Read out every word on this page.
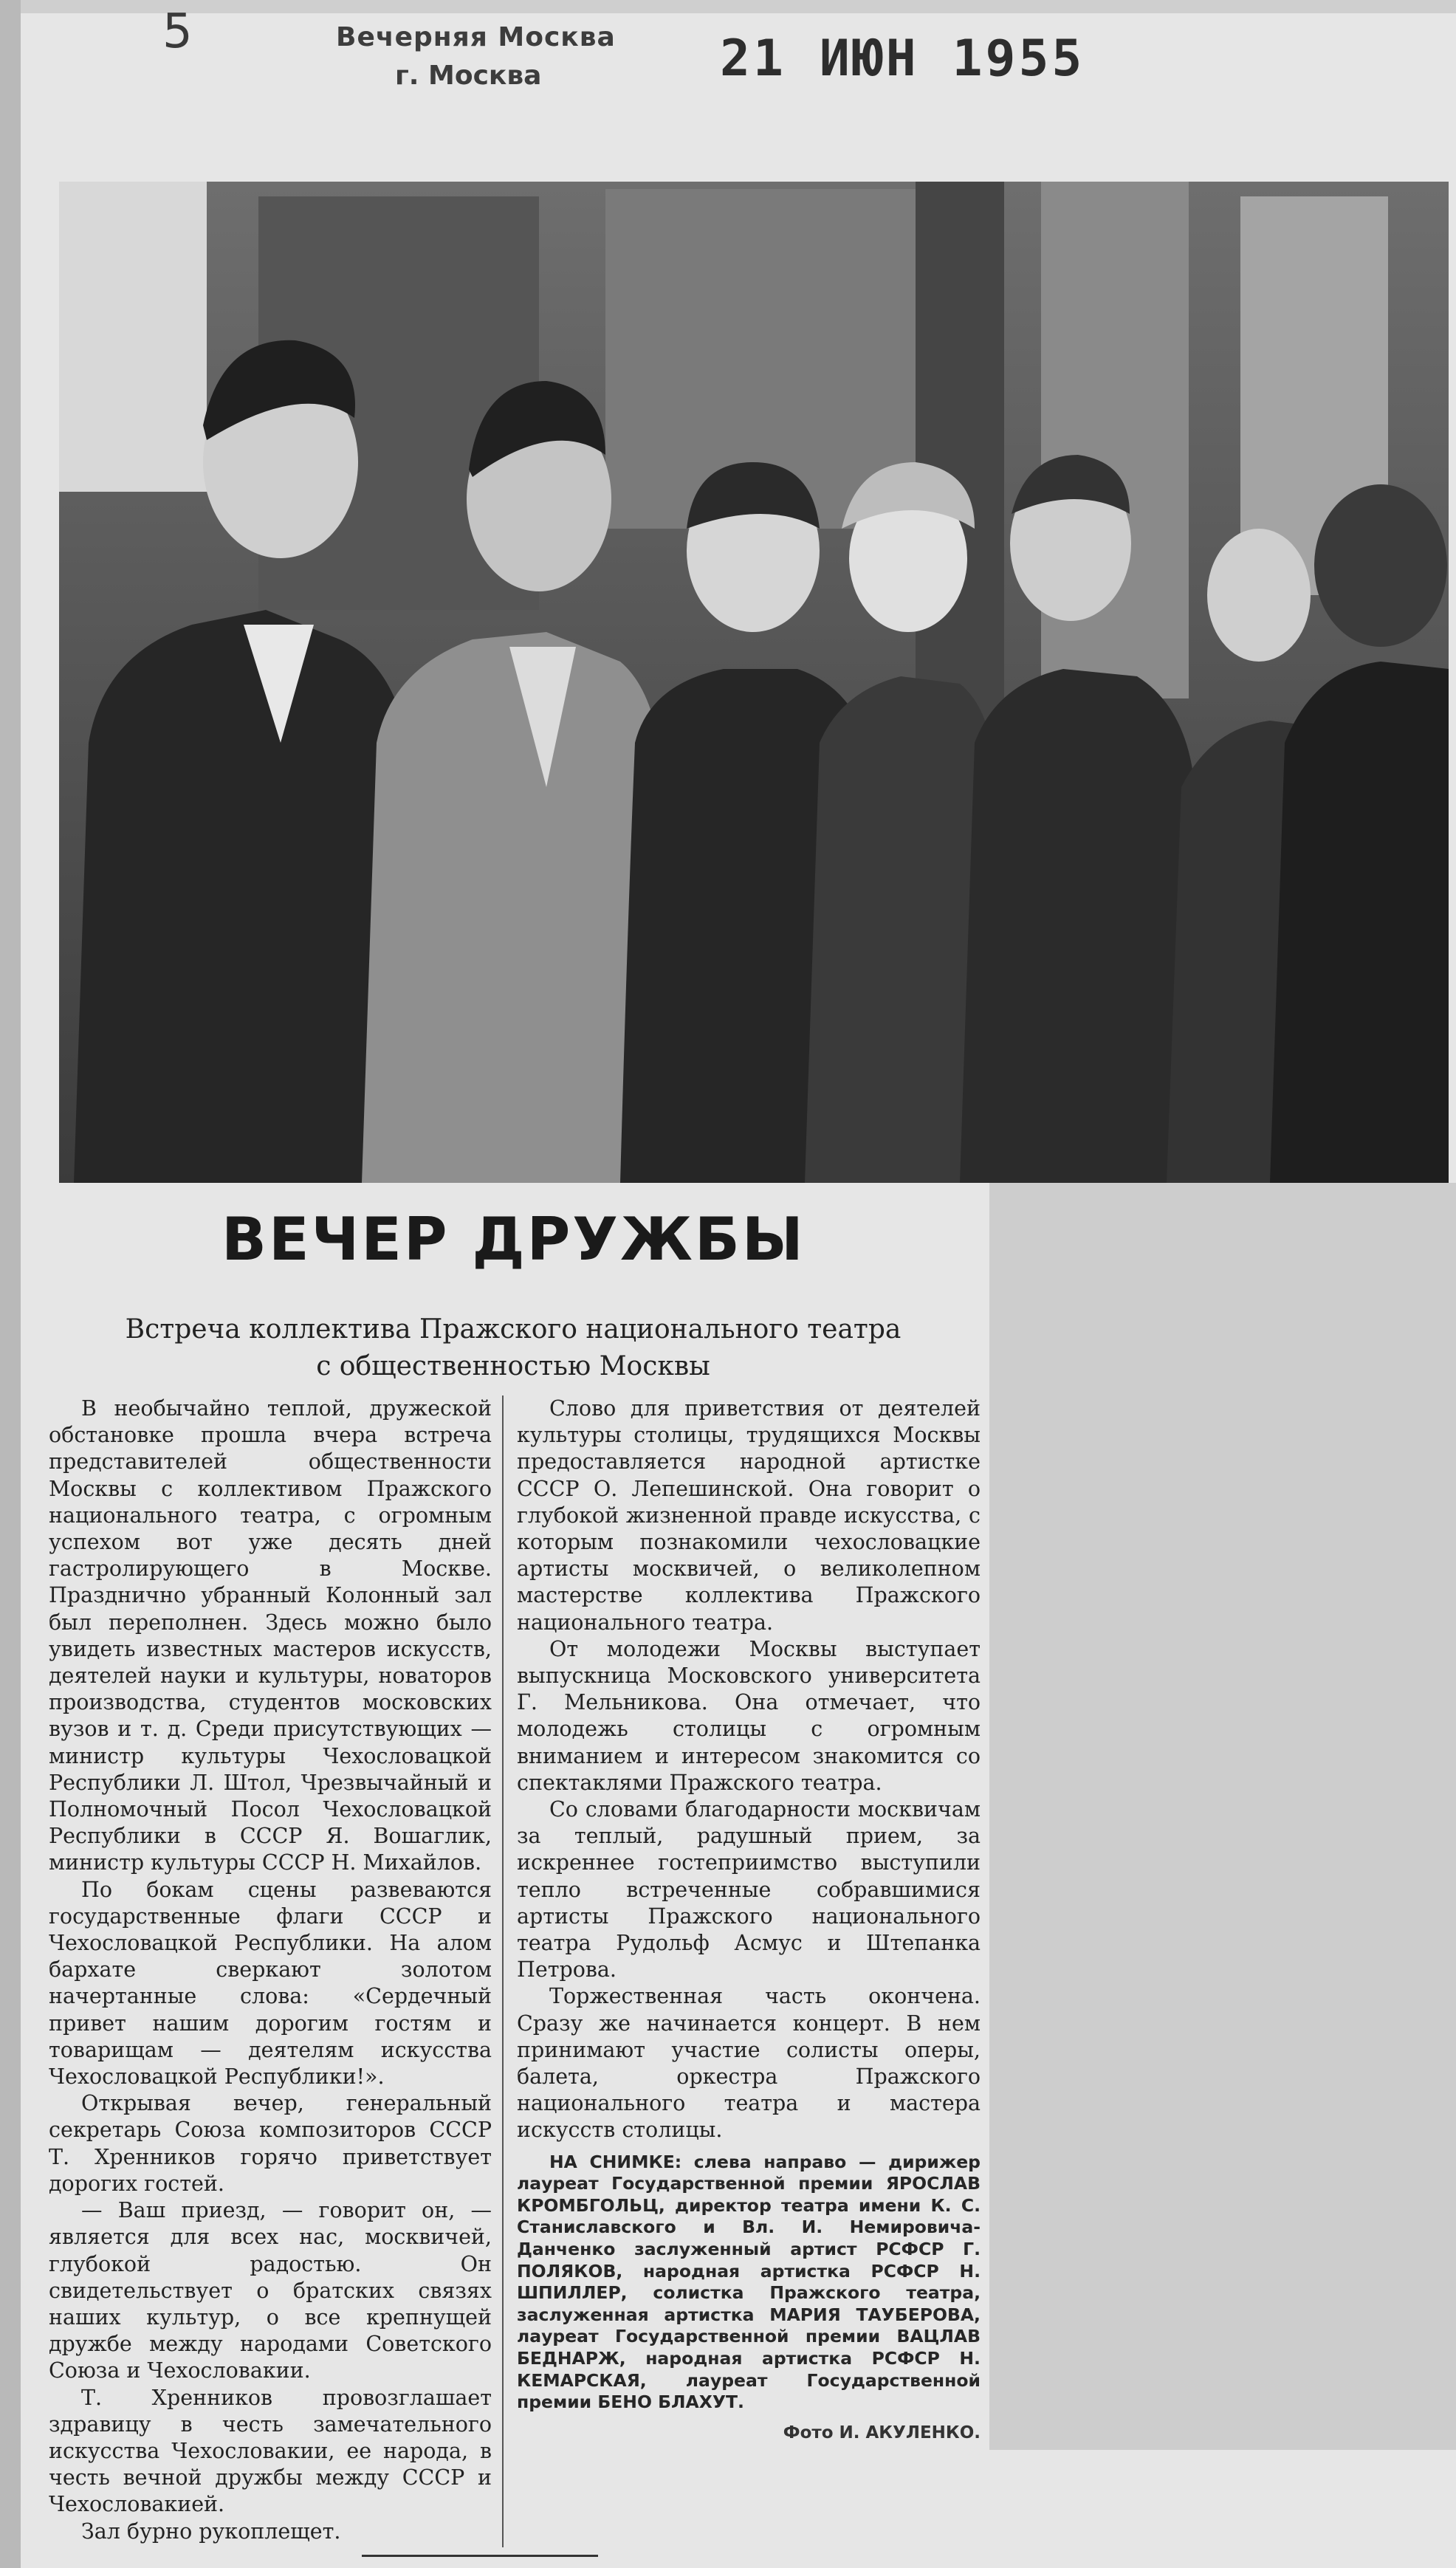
5	Вечерняя Москва
г. Москва	21 ИЮН 1955
ВЕЧЕР ДРУЖБЫ
Встреча коллектива Пражского национального театра
с общественностью Москвы

В необычайно теплой, дружеской обстановке прошла вчера встреча представителей общественности Москвы с коллективом Пражского национального театра, с огромным успехом вот уже десять дней гастролирующего в Москве. Празднично убранный Колонный зал был переполнен. Здесь можно было увидеть известных мастеров искусств, деятелей науки и культуры, новаторов производства, студентов московских вузов и т. д. Среди присутствующих — министр культуры Чехословацкой Республики Л. Штол, Чрезвычайный и Полномочный Посол Чехословацкой Республики в СССР Я. Вошаглик, министр культуры СССР Н. Михайлов.

По бокам сцены развеваются государственные флаги СССР и Чехословацкой Республики. На алом бархате сверкают золотом начертанные слова: «Сердечный привет нашим дорогим гостям и товарищам — деятелям искусства Чехословацкой Республики!».

Открывая вечер, генеральный секретарь Союза композиторов СССР Т. Хренников горячо приветствует дорогих гостей.

— Ваш приезд, — говорит он, — является для всех нас, москвичей, глубокой радостью. Он свидетельствует о братских связях наших культур, о все крепнущей дружбе между народами Советского Союза и Чехословакии.

Т. Хренников провозглашает здравицу в честь замечательного искусства Чехословакии, ее народа, в честь вечной дружбы между СССР и Чехословакией.

Зал бурно рукоплещет.

Слово для приветствия от деятелей культуры столицы, трудящихся Москвы предоставляется народной артистке СССР О. Лепешинской. Она говорит о глубокой жизненной правде искусства, с которым познакомили чехословацкие артисты москвичей, о великолепном мастерстве коллектива Пражского национального театра.

От молодежи Москвы выступает выпускница Московского университета Г. Мельникова. Она отмечает, что молодежь столицы с огромным вниманием и интересом знакомится со спектаклями Пражского театра.

Со словами благодарности москвичам за теплый, радушный прием, за искреннее гостеприимство выступили тепло встреченные собравшимися артисты Пражского национального театра Рудольф Асмус и Штепанка Петрова.

Торжественная часть окончена. Сразу же начинается концерт. В нем принимают участие солисты оперы, балета, оркестра Пражского национального театра и мастера искусств столицы.

НА СНИМКЕ: слева направо — дирижер лауреат Государственной премии ЯРОСЛАВ КРОМБГОЛЬЦ, директор театра имени К. С. Станиславского и Вл. И. Немировича-Данченко заслуженный артист РСФСР Г. ПОЛЯКОВ, народная артистка РСФСР Н. ШПИЛЛЕР, солистка Пражского театра, заслуженная артистка МАРИЯ ТАУБЕРОВА, лауреат Государственной премии ВАЦЛАВ БЕДНАРЖ, народная артистка РСФСР Н. КЕМАРСКАЯ, лауреат Государственной премии БЕНО БЛАХУТ.

Фото И. АКУЛЕНКО.
